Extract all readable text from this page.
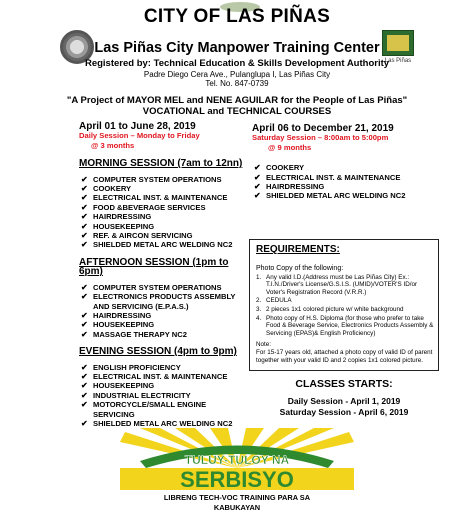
CITY OF LAS PIÑAS
Las Piñas
Las Piñas City Manpower Training Center
Registered by: Technical Education & Skills Development Authority
Padre Diego Cera Ave., Pulanglupa I, Las Piñas City
Tel. No. 847-0739
"A Project of MAYOR MEL and NENE AGUILAR for the People of Las Piñas"
VOCATIONAL and TECHNICAL COURSES
April 01 to June 28, 2019
Daily Session – Monday to Friday
@ 3 months
MORNING SESSION (7am to 12nn)
✔ COMPUTER SYSTEM OPERATIONS
✔ COOKERY
✔ ELECTRICAL INST. & MAINTENANCE
✔ FOOD &BEVERAGE SERVICES
✔ HAIRDRESSING
✔ HOUSEKEEPING
✔ REF. & AIRCON SERVICING
✔ SHIELDED METAL ARC WELDING NC2
AFTERNOON SESSION (1pm to 6pm)
✔ COMPUTER SYSTEM OPERATIONS
✔ ELECTRONICS PRODUCTS ASSEMBLY AND SERVICING (E.P.A.S.)
✔ HAIRDRESSING
✔ HOUSEKEEPING
✔ MASSAGE THERAPY NC2
EVENING SESSION (4pm to 9pm)
✔ ENGLISH PROFICIENCY
✔ ELECTRICAL INST. & MAINTENANCE
✔ HOUSEKEEPING
✔ INDUSTRIAL ELECTRICITY
✔ MOTORCYCLE/SMALL ENGINE SERVICING
✔ SHIELDED METAL ARC WELDING NC2
April 06 to December 21, 2019
Saturday Session – 8:00am to 5:00pm
@ 9 months
✔ COOKERY
✔ ELECTRICAL INST. & MAINTENANCE
✔ HAIRDRESSING
✔ SHIELDED METAL ARC WELDING NC2
REQUIREMENTS:
Photo Copy of the following:
1. Any valid I.D.(Address must be Las Piñas City) Ex.: T.I.N./Driver's License/G.S.I.S. (UMID)/VOTER'S ID/or Voter's Registration Record (V.R.R.)
2. CEDULA
3. 2 pieces 1x1 colored picture w/ white background
4. Photo copy of H.S. Diploma (for those who prefer to take Food & Beverage Service, Electronics Products Assembly & Servicing (EPAS)& English Proficiency)
Note:
For 15-17 years old, attached a photo copy of valid ID of parent together with your valid ID and 2 copies 1x1 colored picture.
CLASSES STARTS:
Daily Session - April 1, 2019
Saturday Session - April 6, 2019
TULUY-TULOY NA
SERBISYO
LIBRENG TECH-VOC TRAINING PARA SA
KABUKAYAN
